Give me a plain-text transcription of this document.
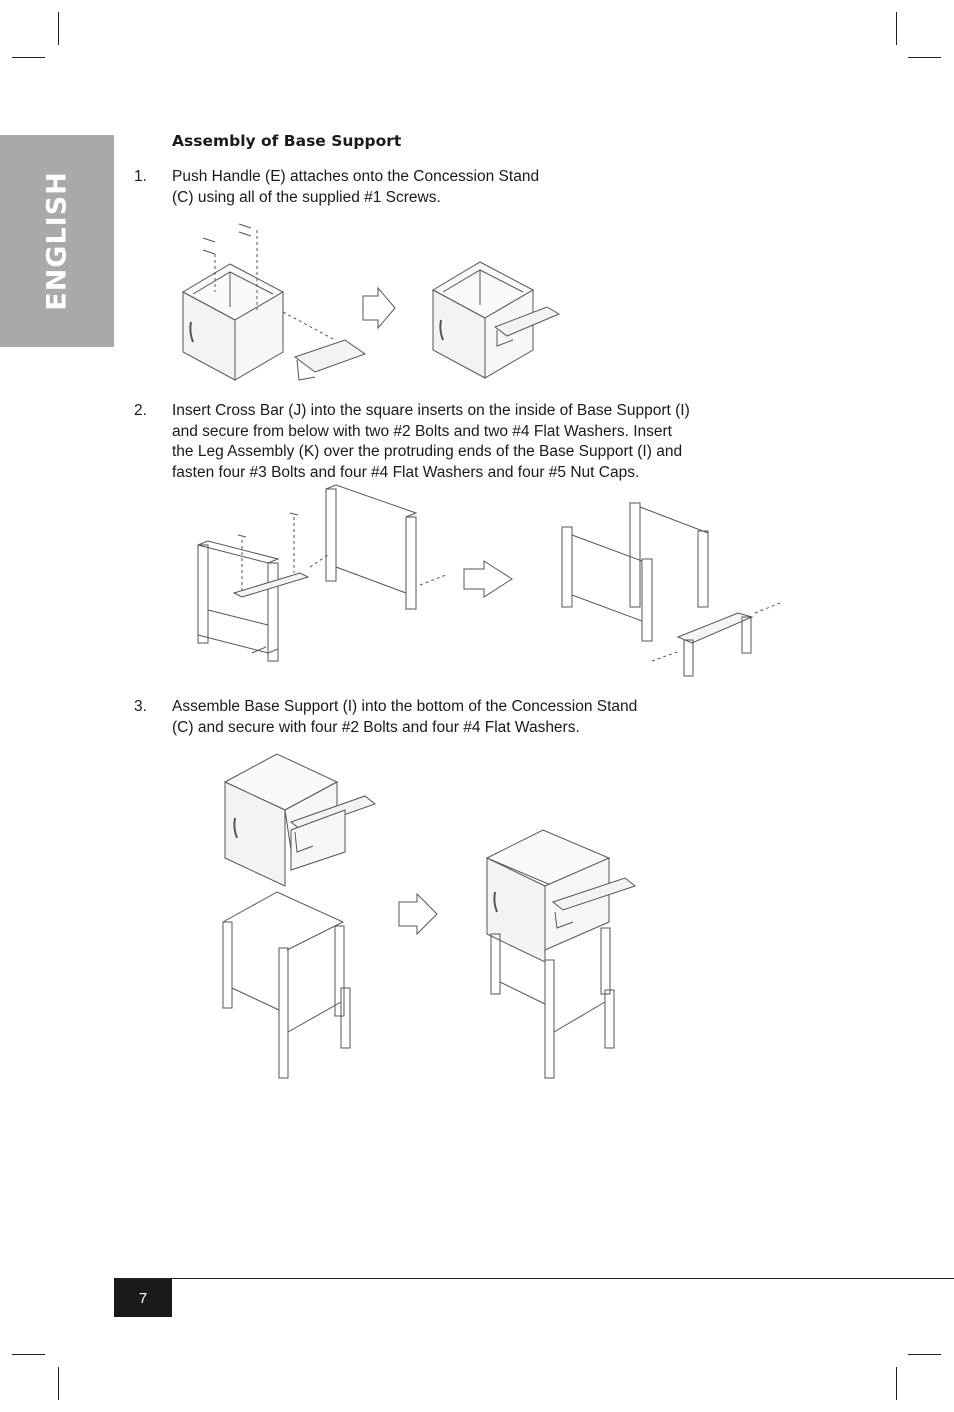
ENGLISH
Assembly of Base Support
1. Push Handle (E) attaches onto the Concession Stand
(C) using all of the supplied #1 Screws.
2. Insert Cross Bar (J) into the square inserts on the inside of Base Support (I)
and secure from below with two #2 Bolts and two #4 Flat Washers. Insert
the Leg Assembly (K) over the protruding ends of the Base Support (I) and
fasten four #3 Bolts and four #4 Flat Washers and four #5 Nut Caps.
3. Assemble Base Support (I) into the bottom of the Concession Stand
(C) and secure with four #2 Bolts and four #4 Flat Washers.
7
